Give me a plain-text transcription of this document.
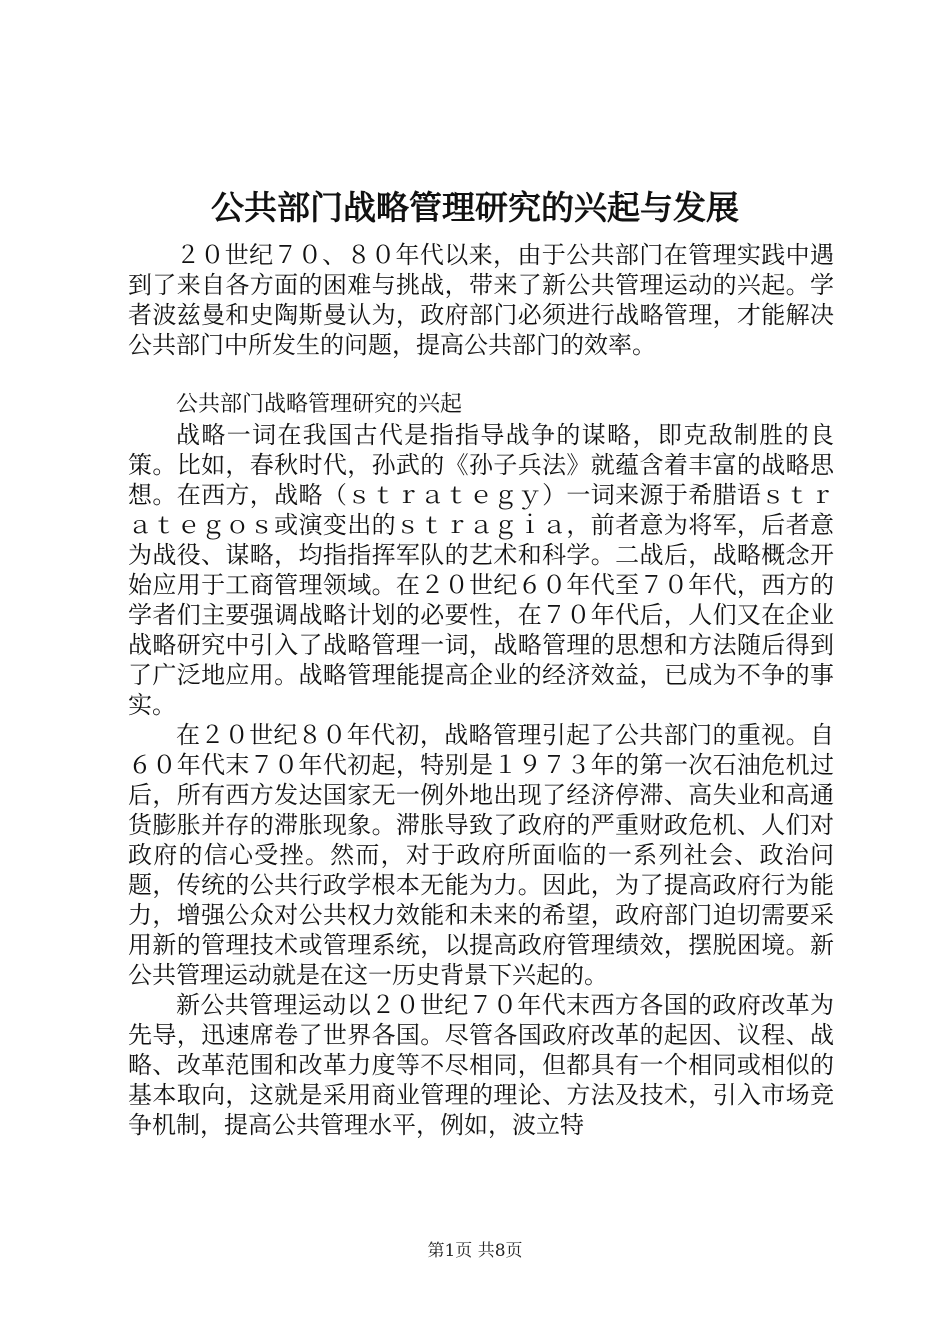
公共部门战略管理研究的兴起与发展

２０世纪７０、８０年代以来，由于公共部门在管理实践中遇到了来自各方面的困难与挑战，带来了新公共管理运动的兴起。学者波兹曼和史陶斯曼认为，政府部门必须进行战略管理，才能解决公共部门中所发生的问题，提高公共部门的效率。

公共部门战略管理研究的兴起

战略一词在我国古代是指指导战争的谋略，即克敌制胜的良策。比如，春秋时代，孙武的《孙子兵法》就蕴含着丰富的战略思想。在西方，战略（ｓｔｒａｔｅｇｙ）一词来源于希腊语ｓｔｒａｔｅｇｏｓ或演变出的ｓｔｒａｇｉａ，前者意为将军，后者意为战役、谋略，均指指挥军队的艺术和科学。二战后，战略概念开始应用于工商管理领域。在２０世纪６０年代至７０年代，西方的学者们主要强调战略计划的必要性，在７０年代后，人们又在企业战略研究中引入了战略管理一词，战略管理的思想和方法随后得到了广泛地应用。战略管理能提高企业的经济效益，已成为不争的事实。

在２０世纪８０年代初，战略管理引起了公共部门的重视。自６０年代末７０年代初起，特别是１９７３年的第一次石油危机过后，所有西方发达国家无一例外地出现了经济停滞、高失业和高通货膨胀并存的滞胀现象。滞胀导致了政府的严重财政危机、人们对政府的信心受挫。然而，对于政府所面临的一系列社会、政治问题，传统的公共行政学根本无能为力。因此，为了提高政府行为能力，增强公众对公共权力效能和未来的希望，政府部门迫切需要采用新的管理技术或管理系统，以提高政府管理绩效，摆脱困境。新公共管理运动就是在这一历史背景下兴起的。

新公共管理运动以２０世纪７０年代末西方各国的政府改革为先导，迅速席卷了世界各国。尽管各国政府改革的起因、议程、战略、改革范围和改革力度等不尽相同，但都具有一个相同或相似的基本取向，这就是采用商业管理的理论、方法及技术，引入市场竞争机制，提高公共管理水平，例如，波立特

第1页 共8页
